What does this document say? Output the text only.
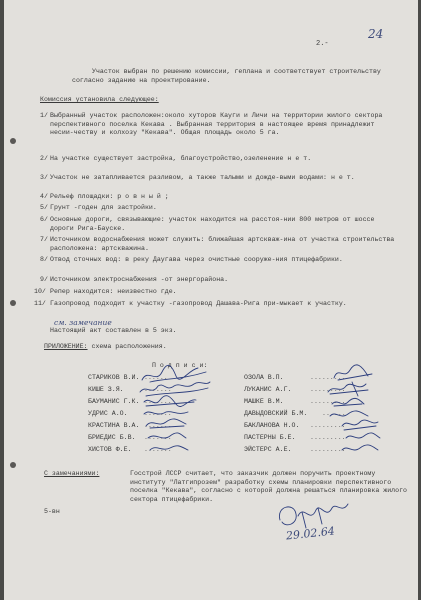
2.-
24
Участок выбран по решению комиссии, геплана и соответствует строительству согласно заданию на проектирование.
Комиссия установила следующее:
1/ Выбранный участок расположен:около хуторов Кауги и Личи на территории жилого сектора перспективного поселка Кекава . Выбранная территория в настоящее время принадлежит несии-честву и колхозу "Кекава". Общая площадь около 5 га.
2/ На участке существует застройка, благоустройство,озеленение н е т.
3/ Участок не затапливается разливом, а также талыми и дожде-выми водами: н е т.
4/ Рельеф площадки: р о в н ы й ;
5/ Грунт -годен для застройки.
6/ Основные дороги, связывающие: участок находится на расстоя-нии 800 метров от шоссе дороги Рига-Бауске.
7/ Источником водоснабжения может служить: ближайшая артскваж-ина от участка строительства расположена: артскважина.
8/ Отвод сточных вод: в реку Даугава через очистные сооруже-ния птицефабрики.
9/ Источником электроснабжения -от энергорайона.
10/ Репер находится: неизвестно где.
11/ Газопровод подходит к участку -газопровод Дашава-Рига при-мыкает к участку.
см. замечание
Настоящий акт составлен в 5 экз.
ПРИЛОЖЕНИЕ: схема расположения.
П о д п и с и:
СТАРИКОВ В.И.
КИШЕ З.Я.
БАУМАНИС Г.К.
УДРИС А.О.
КРАСТИНА В.А.
БРИЕДИС Б.В.
ХИСТОВ Ф.Е.
ОЗОЛА В.П.
ЛУКАНИС А.Г.
МАШКЕ В.М.
ДАВЫДОВСКИЙ Б.М.
БАКЛАНОВА Н.О.
ПАСТЕРНЫ Б.Е.
ЭЙСТЕРС А.Е.
......
.......
.......
.......
.......
.......
.......
.........
.........
.........
......
.........
.........
.........
С замечаниями:	Госстрой ЛССР считает, что заказчик должен поручить проектному институту "Латгипрозем" разработку схемы планировки перспективного поселка "Кекава", согласно с которой должна решаться планировка жилого сектора птицефабрики.
5-вн
29.02.64
